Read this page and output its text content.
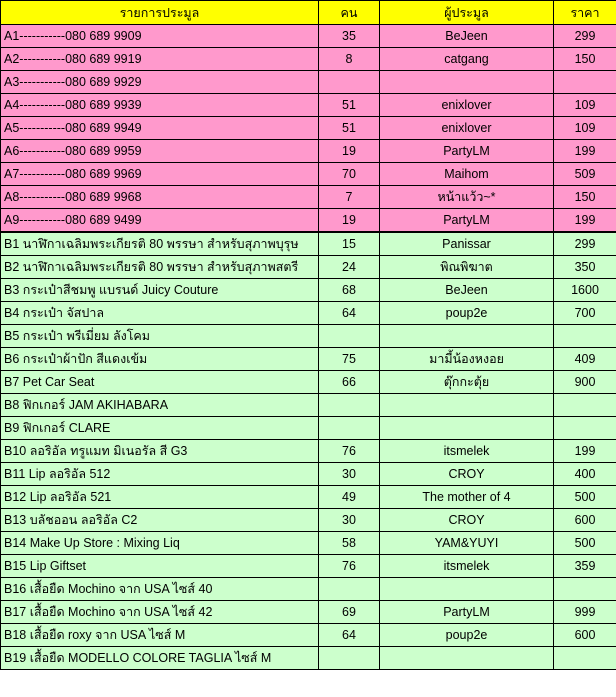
รายการประมูล	คน	ผู้ประมูล	ราคา
A1-----------080 689 9909	35	BeJeen	299
A2-----------080 689 9919	8	catgang	150
A3-----------080 689 9929			
A4-----------080 689 9939	51	enixlover	109
A5-----------080 689 9949	51	enixlover	109
A6-----------080 689 9959	19	PartyLM	199
A7-----------080 689 9969	70	Maihom	509
A8-----------080 689 9968	7	หน้าแว้ว~*	150
A9-----------080 689 9499	19	PartyLM	199
B1 นาฬิกาเฉลิมพระเกียรติ 80 พรรษา สำหรับสุภาพบุรุษ	15	Panissar	299
B2 นาฬิกาเฉลิมพระเกียรติ 80 พรรษา สำหรับสุภาพสตรี	24	พิณพิฆาต	350
B3 กระเป๋าสีชมพู แบรนด์ Juicy Couture	68	BeJeen	1600
B4 กระเป๋า จัสปาล	64	poup2e	700
B5 กระเป๋า พรีเมี่ยม ลังโคม			
B6 กระเป๋าผ้าปัก สีแดงเข้ม	75	มามี้น้องหงอย	409
B7 Pet Car Seat	66	ตุ๊กกะตุ้ย	900
B8 ฟิกเกอร์ JAM AKIHABARA			
B9 ฟิกเกอร์ CLARE			
B10 ลอริอัล ทรูแมท มิเนอรัล สี G3	76	itsmelek	199
B11 Lip ลอริอัล 512	30	CROY	400
B12 Lip ลอริอัล 521	49	The mother of 4	500
B13 บลัชออน ลอริอัล C2	30	CROY	600
B14 Make Up Store : Mixing Liq	58	YAM&YUYI	500
B15 Lip Giftset	76	itsmelek	359
B16 เสื้อยืด Mochino จาก USA ไซส์ 40			
B17 เสื้อยืด Mochino จาก USA ไซส์ 42	69	PartyLM	999
B18 เสื้อยืด roxy จาก USA ไซส์ M	64	poup2e	600
B19 เสื้อยืด MODELLO COLORE TAGLIA ไซส์ M			
